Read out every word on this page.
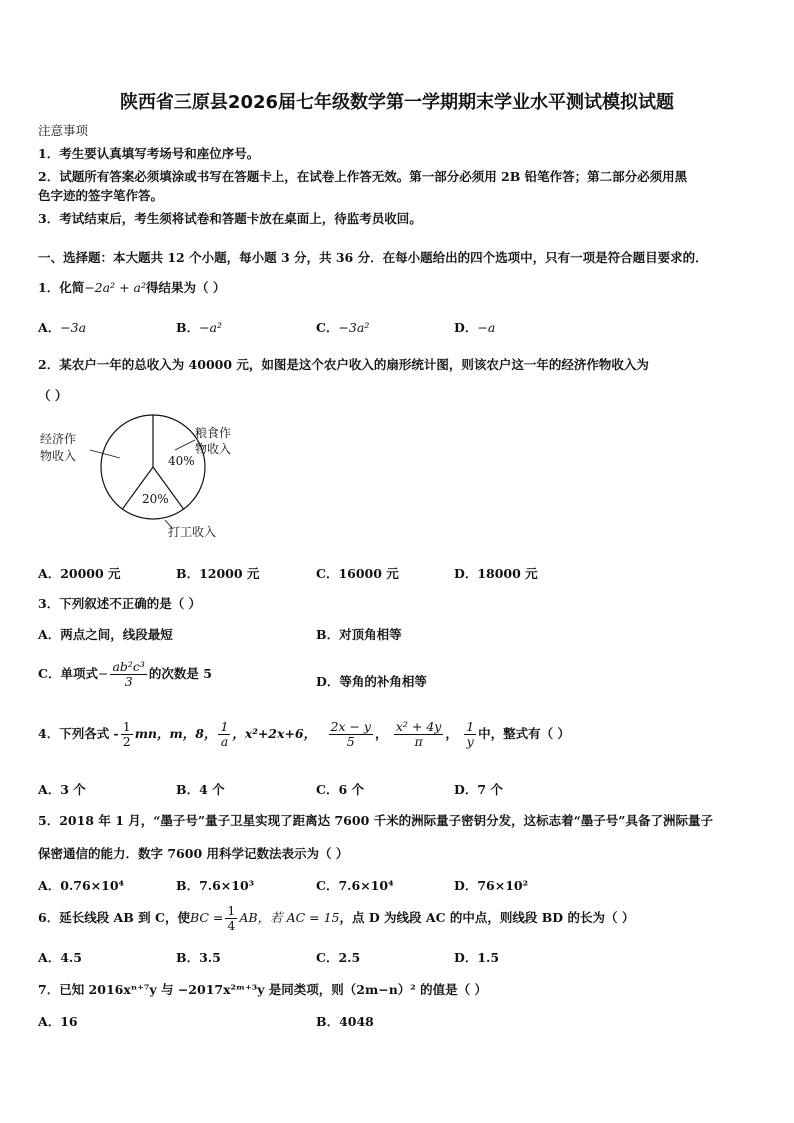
陕西省三原县2026届七年级数学第一学期期末学业水平测试模拟试题
注意事项
1．考生要认真填写考场号和座位序号。
2．试题所有答案必须填涂或书写在答题卡上，在试卷上作答无效。第一部分必须用 2B 铅笔作答；第二部分必须用黑
色字迹的签字笔作答。
3．考试结束后，考生须将试卷和答题卡放在桌面上，待监考员收回。
一、选择题：本大题共 12 个小题，每小题 3 分，共 36 分．在每小题给出的四个选项中，只有一项是符合题目要求的．
1．化简−2a² + a²得结果为（ ）
A．−3a	B．−a²	C．−3a²	D．−a
2．某农户一年的总收入为 40000 元，如图是这个农户收入的扇形统计图，则该农户这一年的经济作物收入为
（ ）
经济作
物收入
粮食作
物收入
40%
20%
打工收入
A．20000 元	B．12000 元	C．16000 元	D．18000 元
3．下列叙述不正确的是（ ）
A．两点之间，线段最短	B．对顶角相等
C．单项式− $\frac{\text{ab²c³}}{3}$ 的次数是 5
D．等角的补角相等
4．下列各式 - $\frac{1}{2}$ mn，m，8， $\frac{1}{a}$ ，x²+2x+6， $\frac{2x - y}{5}$ ， $\frac{\text{x² + 4y}}{\pi}$ ， $\frac{1}{y}$ 中，整式有（ ）
A．3 个	B．4 个	C．6 个	D．7 个
5．2018 年 1 月，“墨子号”量子卫星实现了距离达 7600 千米的洲际量子密钥分发，这标志着“墨子号”具备了洲际量子
保密通信的能力．数字 7600 用科学记数法表示为（ ）
A．0.76×10⁴	B．7.6×10³	C．7.6×10⁴	D．76×10²
6．延长线段 AB 到 C，使BC = $\frac{1}{4}$ AB，若 AC = 15，点 D 为线段 AC 的中点，则线段 BD 的长为（ ）
A．4.5	B．3.5	C．2.5	D．1.5
7．已知 2016xⁿ⁺⁷y 与 −2017x²ᵐ⁺³y 是同类项，则（2m−n）² 的值是（ ）
A．16	B．4048
